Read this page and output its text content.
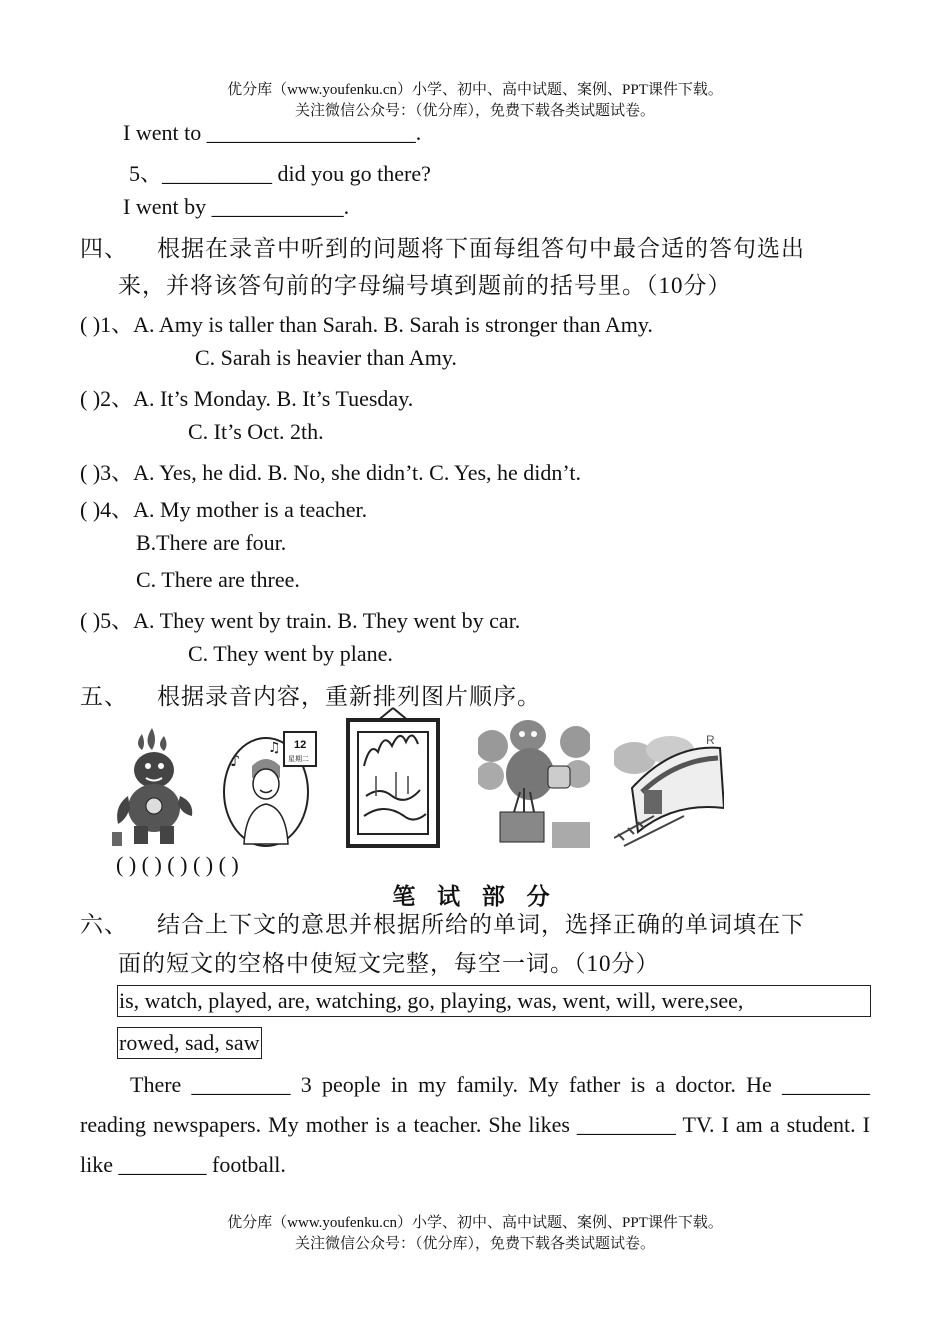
优分库（www.youfenku.cn）小学、初中、高中试题、案例、PPT课件下载。
关注微信公众号：（优分库），免费下载各类试题试卷。
I went to ___________________.
5、__________ did you go there?
I went by ____________.
四、 根据在录音中听到的问题将下面每组答句中最合适的答句选出
来，并将该答句前的字母编号填到题前的括号里。（10分）
( )1、A. Amy is taller than Sarah. B. Sarah is stronger than Amy.
C. Sarah is heavier than Amy.
( )2、A. It’s Monday. B. It’s Tuesday.
C. It’s Oct. 2th.
( )3、A. Yes, he did. B. No, she didn’t. C. Yes, he didn’t.
( )4、A. My mother is a teacher.
B.There are four.
C. There are three.
( )5、A. They went by train. B. They went by car.
C. They went by plane.
五、 根据录音内容，重新排列图片顺序。
12
星期二
♪
♫	R
( ) ( ) ( ) ( ) ( )
笔 试 部 分
六、 结合上下文的意思并根据所给的单词，选择正确的单词填在下
面的短文的空格中使短文完整，每空一词。（10分）
is, watch, played, are, watching, go, playing, was, went, will, were,see,
rowed, sad, saw
There _________ 3 people in my family. My father is a doctor. He ________ reading newspapers. My mother is a teacher. She likes _________ TV. I am a student. I like ________ football.
优分库（www.youfenku.cn）小学、初中、高中试题、案例、PPT课件下载。
关注微信公众号：（优分库），免费下载各类试题试卷。
